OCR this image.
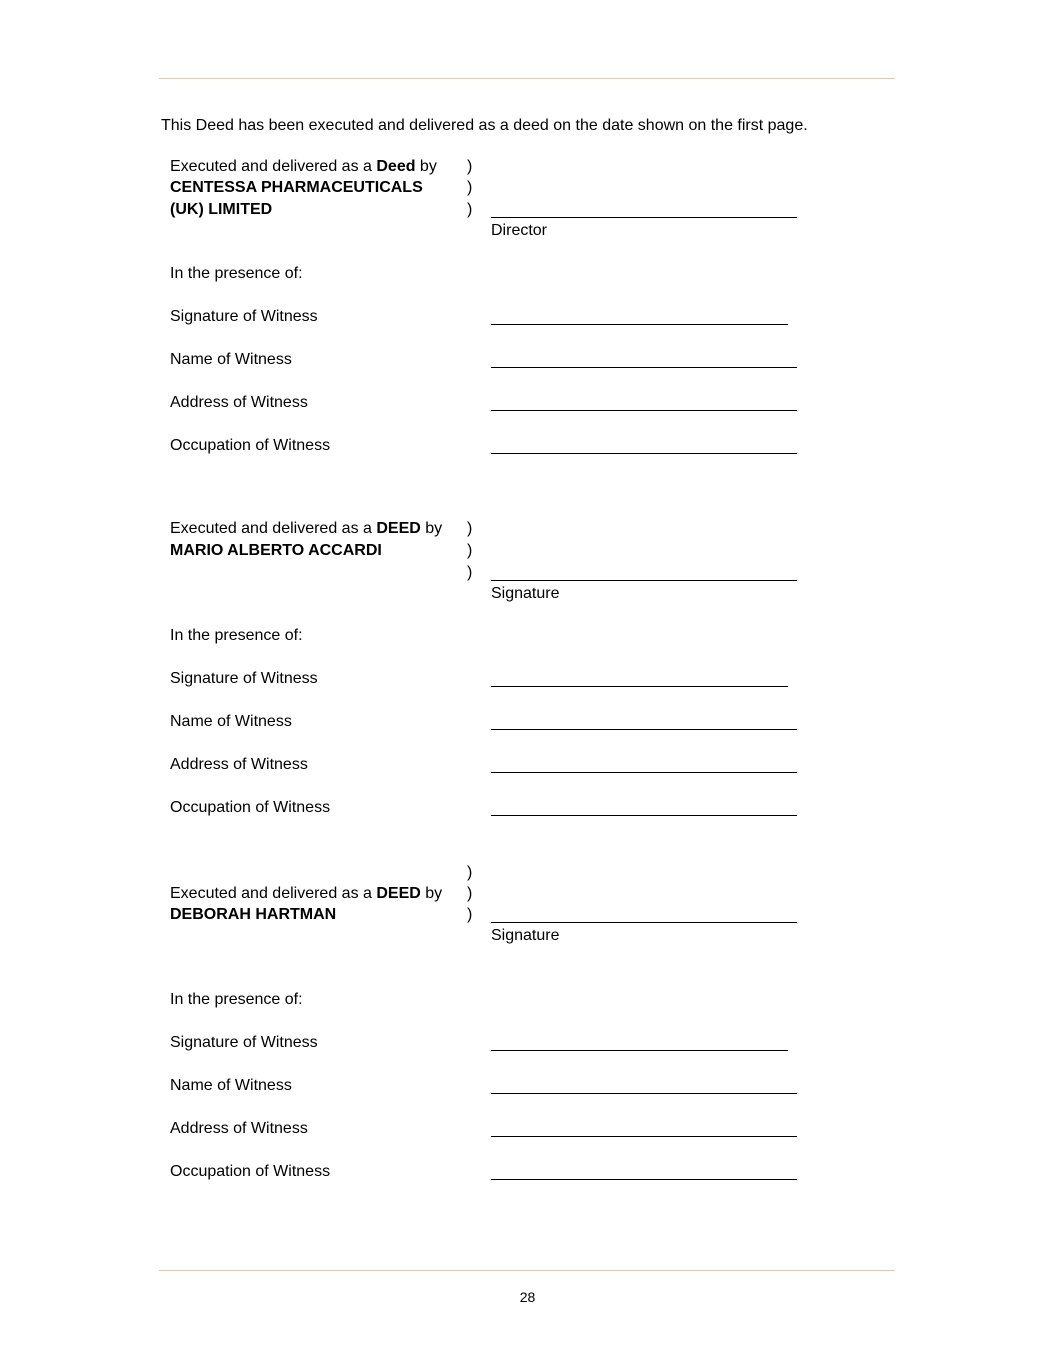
This Deed has been executed and delivered as a deed on the date shown on the first page.
Executed and delivered as a Deed by
CENTESSA PHARMACEUTICALS
(UK) LIMITED
)
)
)
Director
In the presence of:
Signature of Witness
Name of Witness
Address of Witness
Occupation of Witness
Executed and delivered as a DEED by
MARIO ALBERTO ACCARDI
)
)
)
Signature
In the presence of:
Signature of Witness
Name of Witness
Address of Witness
Occupation of Witness
)
)
)
Executed and delivered as a DEED by
DEBORAH HARTMAN
Signature
In the presence of:
Signature of Witness
Name of Witness
Address of Witness
Occupation of Witness
28
